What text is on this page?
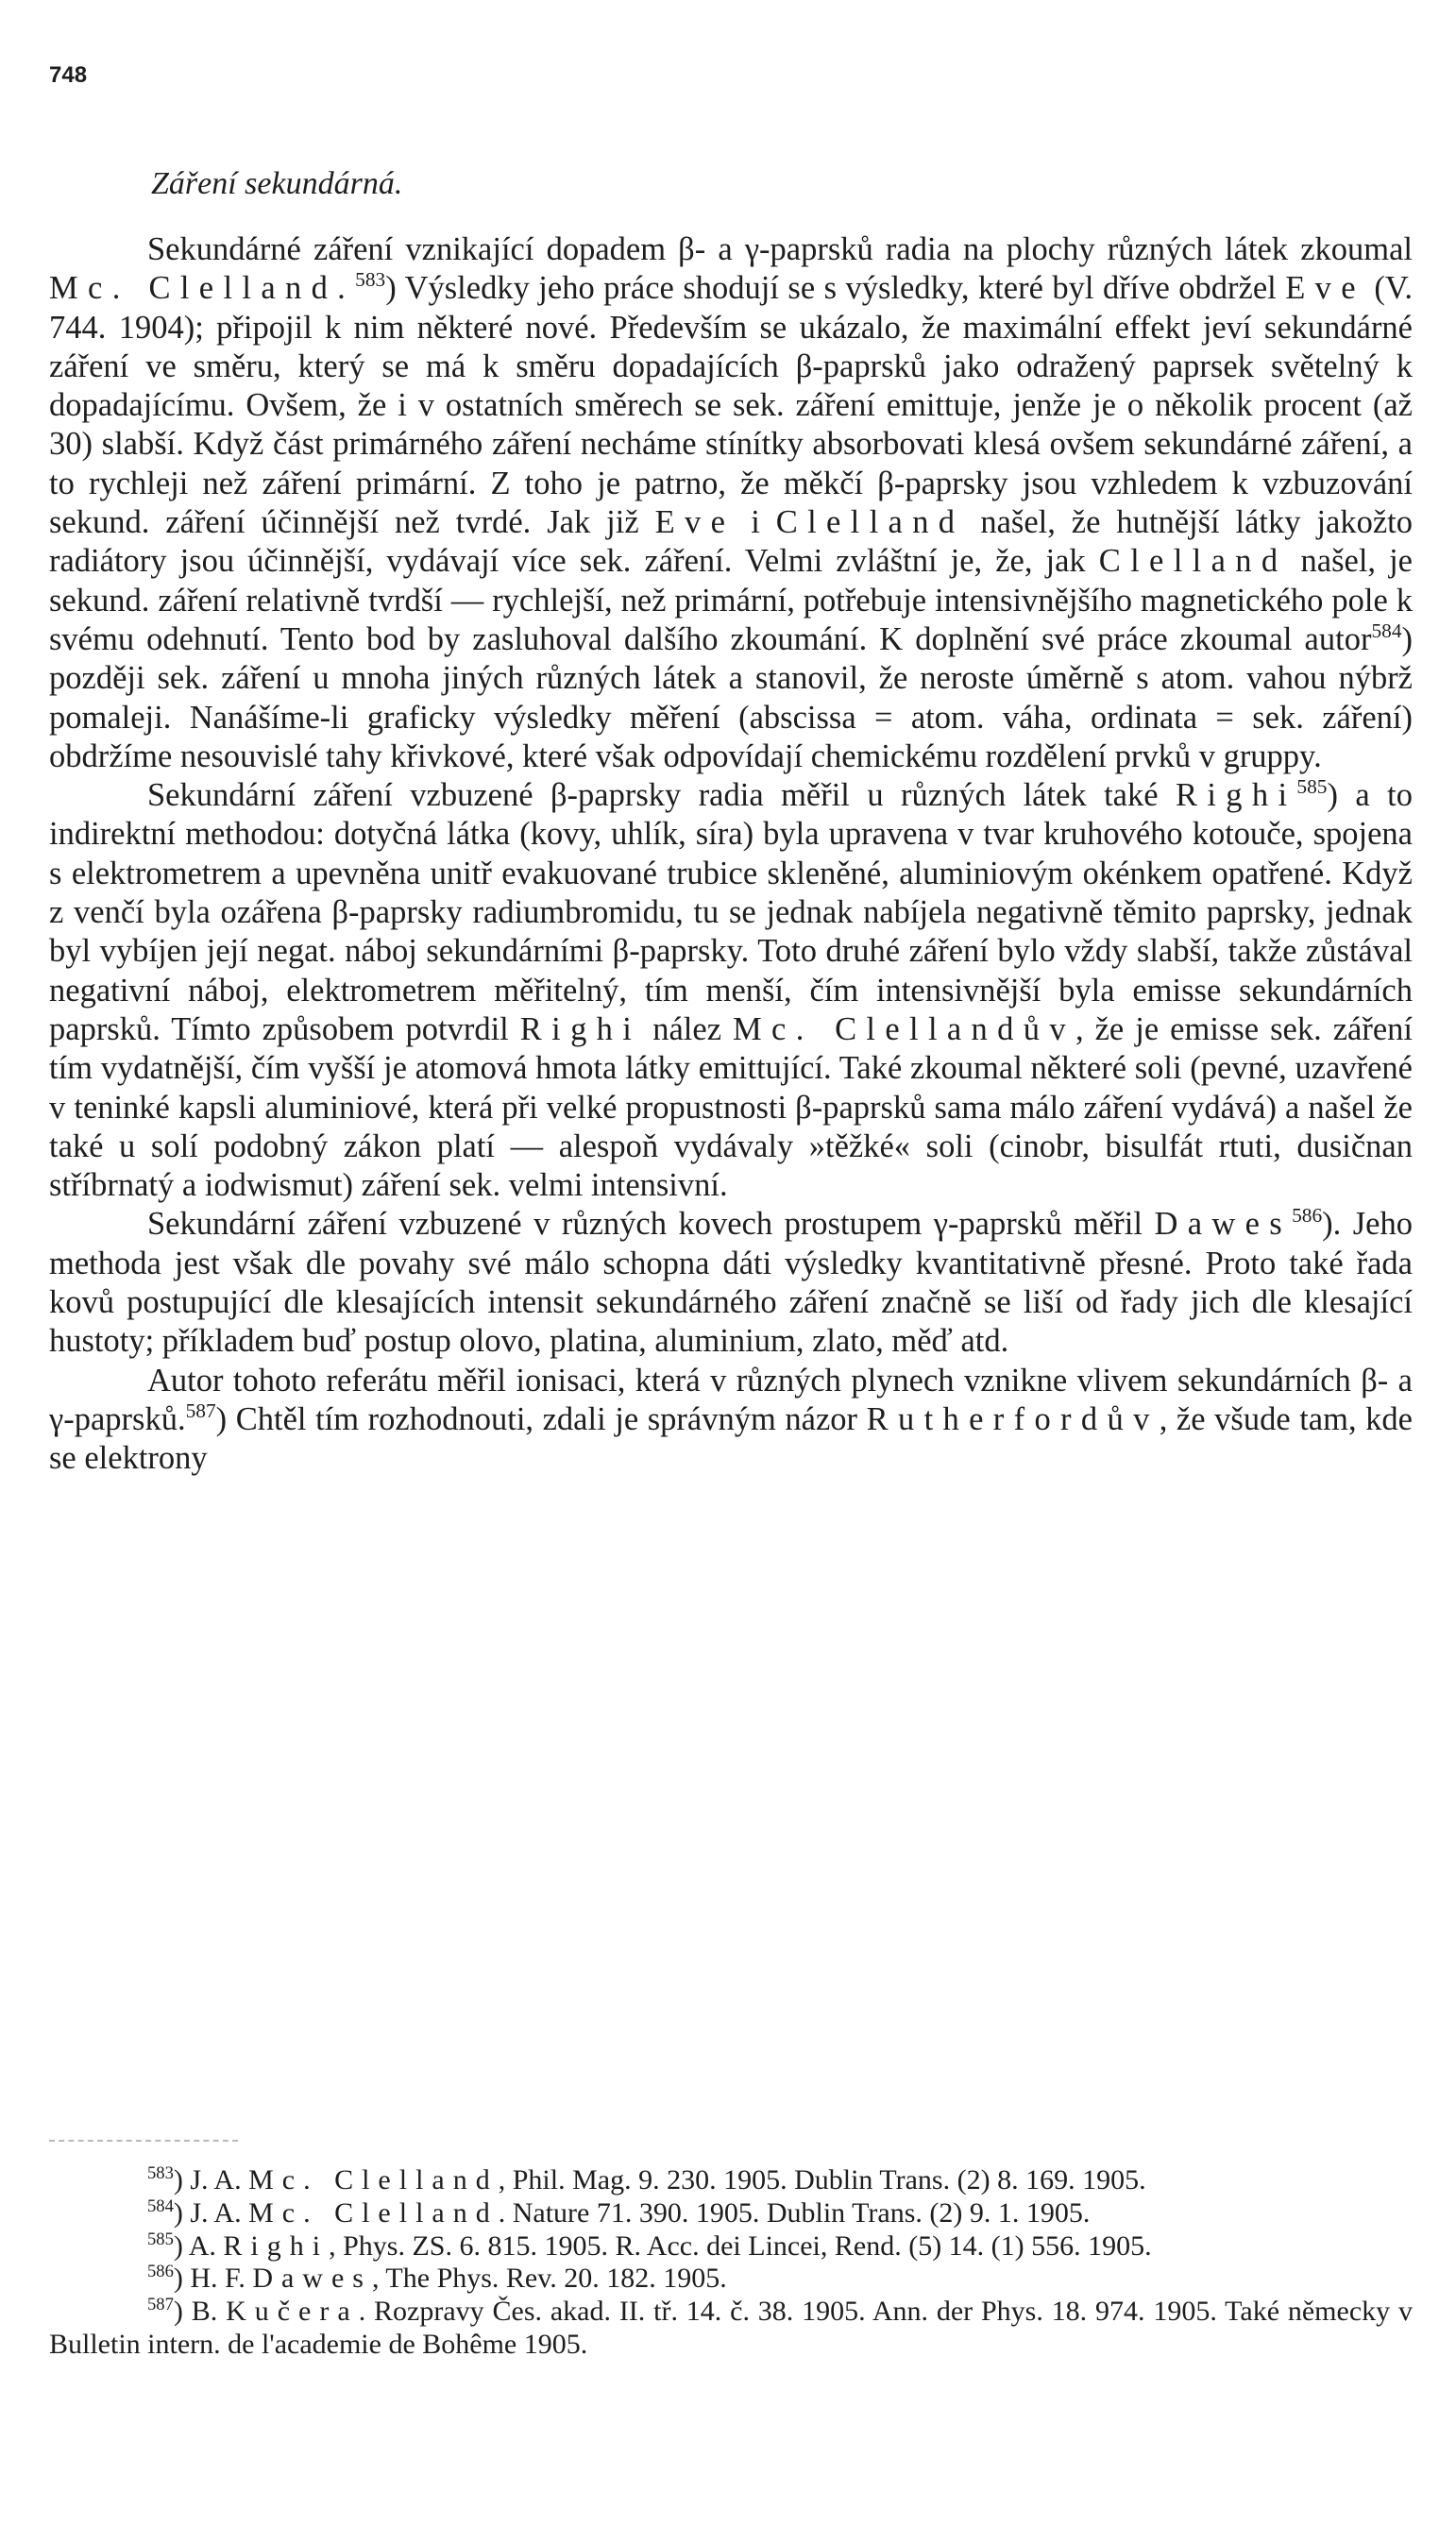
748
Záření sekundárná.

Sekundárné záření vznikající dopadem β- a γ-paprsků radia na plochy různých látek zkoumal Mc. Clelland.$^{583}$) Výsledky jeho práce shodují se s výsledky, které byl dříve obdržel Eve (V. 744. 1904); připojil k nim některé nové. Především se ukázalo, že maximální effekt jeví sekundárné záření ve směru, který se má k směru dopadajících β-paprsků jako odražený paprsek světelný k dopadajícímu. Ovšem, že i v ostatních směrech se sek. záření emittuje, jenže je o několik procent (až 30) slabší. Když část primárného záření necháme stínítky absorbovati klesá ovšem sekundárné záření, a to rychleji než záření primární. Z toho je patrno, že měkčí β-paprsky jsou vzhledem k vzbuzování sekund. záření účinnější než tvrdé. Jak již Eve i Clelland našel, že hutnější látky jakožto radiátory jsou účinnější, vydávají více sek. záření. Velmi zvláštní je, že, jak Clelland našel, je sekund. záření relativně tvrdší — rychlejší, než primární, potřebuje intensivnějšího magnetického pole k svému odehnutí. Tento bod by zasluhoval dalšího zkoumání. K doplnění své práce zkoumal autor$^{584}$) později sek. záření u mnoha jiných různých látek a stanovil, že neroste úměrně s atom. vahou nýbrž pomaleji. Nanášíme-li graficky výsledky měření (abscissa = atom. váha, ordinata = sek. záření) obdržíme nesouvislé tahy křivkové, které však odpovídají chemickému rozdělení prvků v gruppy.

Sekundární záření vzbuzené β-paprsky radia měřil u různých látek také Righi$^{585}$) a to indirektní methodou: dotyčná látka (kovy, uhlík, síra) byla upravena v tvar kruhového kotouče, spojena s elektrometrem a upevněna unitř evakuované trubice skleněné, aluminiovým okénkem opatřené. Když z venčí byla ozářena β-paprsky radiumbromidu, tu se jednak nabíjela negativně těmito paprsky, jednak byl vybíjen její negat. náboj sekundárními β-paprsky. Toto druhé záření bylo vždy slabší, takže zůstával negativní náboj, elektrometrem měřitelný, tím menší, čím intensivnější byla emisse sekundárních paprsků. Tímto způsobem potvrdil Righi nález Mc. Clellandův, že je emisse sek. záření tím vydatnější, čím vyšší je atomová hmota látky emittující. Také zkoumal některé soli (pevné, uzavřené v teninké kapsli aluminiové, která při velké propustnosti β-paprsků sama málo záření vydává) a našel že také u solí podobný zákon platí — alespoň vydávaly »těžké« soli (cinobr, bisulfát rtuti, dusičnan stříbrnatý a iodwismut) záření sek. velmi intensivní.

Sekundární záření vzbuzené v různých kovech prostupem γ-paprsků měřil Dawes$^{586}$). Jeho methoda jest však dle povahy své málo schopna dáti výsledky kvantitativně přesné. Proto také řada kovů postupující dle klesajících intensit sekundárného záření značně se liší od řady jich dle klesající hustoty; příkladem buď postup olovo, platina, aluminium, zlato, měď atd.

Autor tohoto referátu měřil ionisaci, která v různých plynech vznikne vlivem sekundárních β- a γ-paprsků.$^{587}$) Chtěl tím rozhodnouti, zdali je správným názor Rutherfordův, že všude tam, kde se elektrony

$^{583}$) J. A. Mc. Clelland, Phil. Mag. 9. 230. 1905. Dublin Trans. (2) 8. 169. 1905.

$^{584}$) J. A. Mc. Clelland. Nature 71. 390. 1905. Dublin Trans. (2) 9. 1. 1905.

$^{585}$) A. Righi, Phys. ZS. 6. 815. 1905. R. Acc. dei Lincei, Rend. (5) 14. (1) 556. 1905.

$^{586}$) H. F. Dawes, The Phys. Rev. 20. 182. 1905.

$^{587}$) B. Kučera. Rozpravy Čes. akad. II. tř. 14. č. 38. 1905. Ann. der Phys. 18. 974. 1905. Také německy v Bulletin intern. de l'academie de Bohême 1905.
